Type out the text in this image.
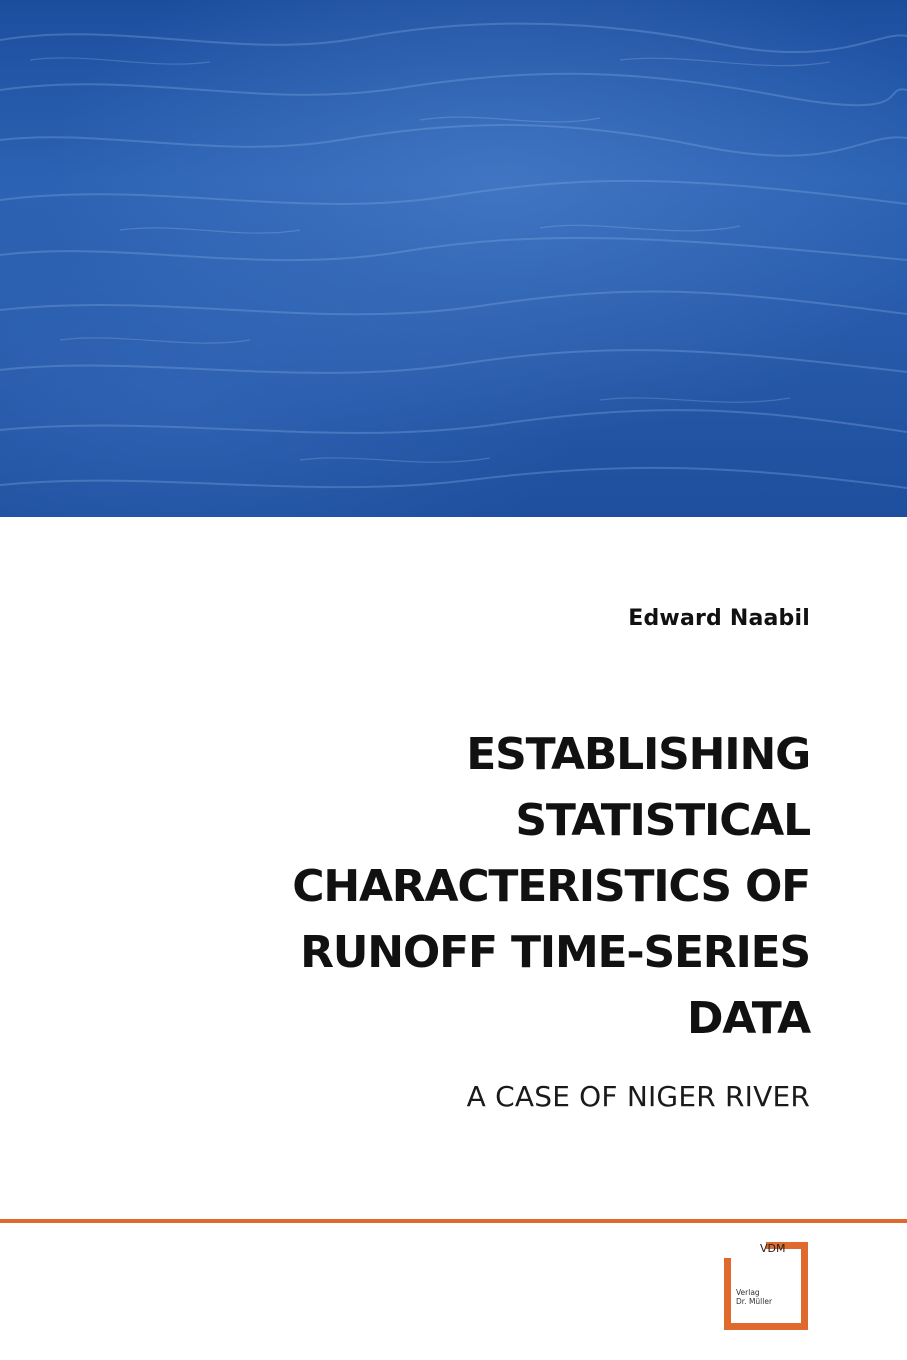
Edward Naabil
ESTABLISHING
STATISTICAL
CHARACTERISTICS OF
RUNOFF TIME-SERIES
DATA
A CASE OF NIGER RIVER
VDM
Verlag
Dr. Müller
